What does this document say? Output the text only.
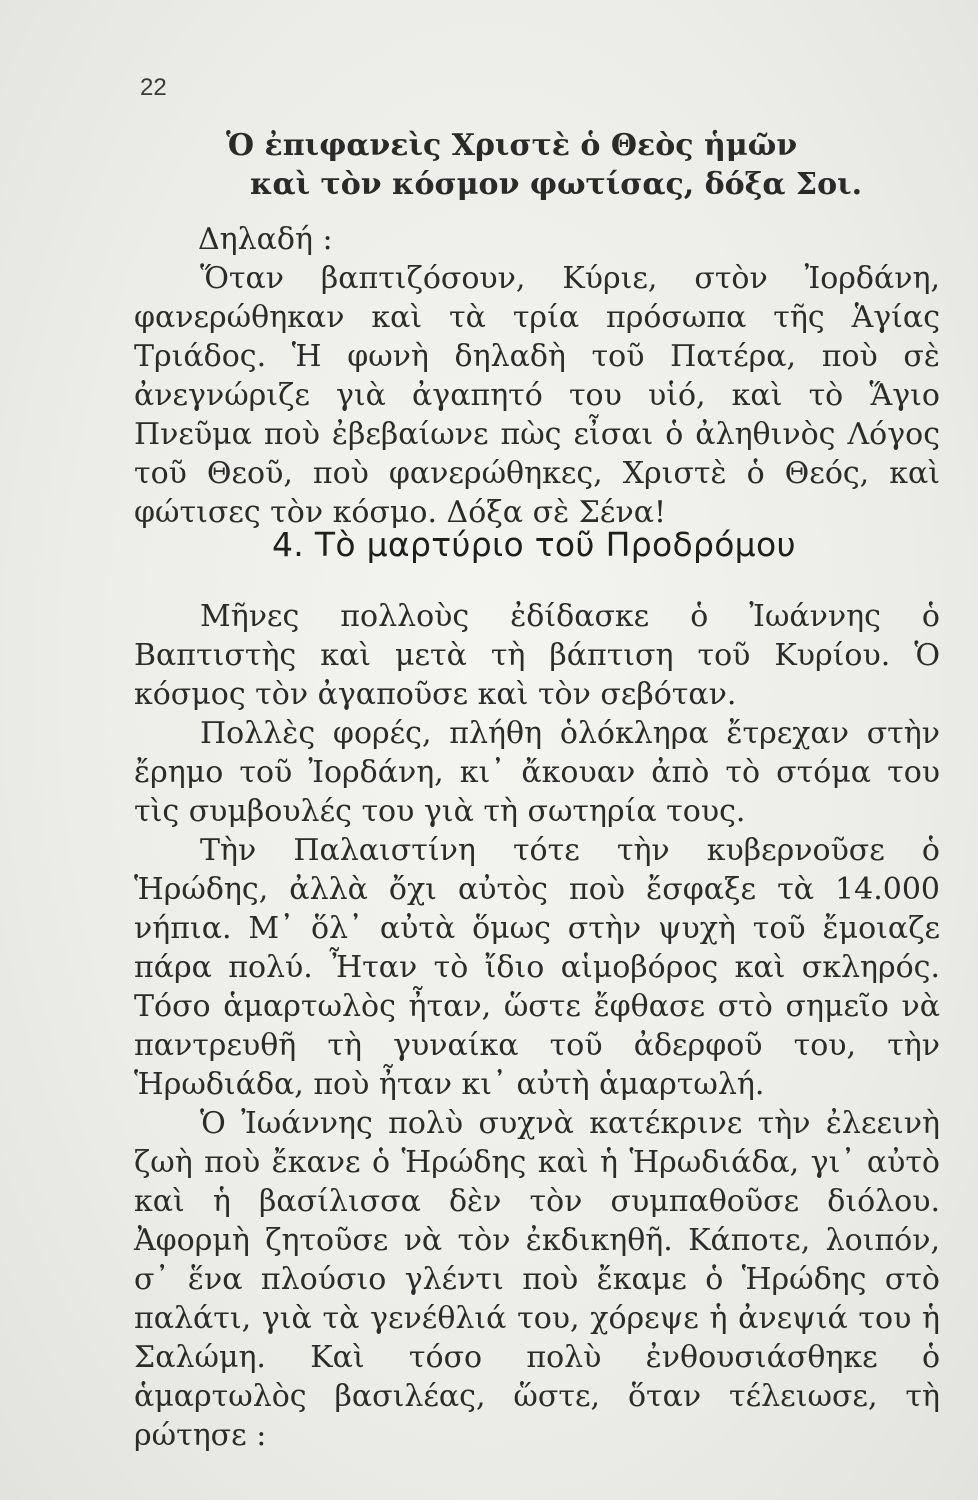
22
Ὁ ἐπιφανεὶς Χριστὲ ὁ Θεὸς ἡμῶν
καὶ τὸν κόσμον φωτίσας, δόξα Σοι.
Δηλαδή :

Ὅταν βαπτιζόσουν, Κύριε, στὸν Ἰορδάνη, φανερώθηκαν καὶ τὰ τρία πρόσωπα τῆς Ἁγίας Τριάδος. Ἡ φωνὴ δηλαδὴ τοῦ Πατέρα, ποὺ σὲ ἀνεγνώριζε γιὰ ἀγαπητό του υἱό, καὶ τὸ Ἅγιο Πνεῦμα ποὺ ἐβεβαίωνε πὼς εἶσαι ὁ ἀληθινὸς Λόγος τοῦ Θεοῦ, ποὺ φανερώθηκες, Χριστὲ ὁ Θεός, καὶ φώτισες τὸν κόσμο. Δόξα σὲ Σένα!

4. Τὸ μαρτύριο τοῦ Προδρόμου

Μῆνες πολλοὺς ἐδίδασκε ὁ Ἰωάννης ὁ Βαπτιστὴς καὶ μετὰ τὴ βάπτιση τοῦ Κυρίου. Ὁ κόσμος τὸν ἀγαποῦσε καὶ τὸν σεβόταν.

Πολλὲς φορές, πλήθη ὁλόκληρα ἔτρεχαν στὴν ἔρημο τοῦ Ἰορδάνη, κι᾿ ἄκουαν ἀπὸ τὸ στόμα του τὶς συμβουλές του γιὰ τὴ σωτηρία τους.

Τὴν Παλαιστίνη τότε τὴν κυβερνοῦσε ὁ Ἡρώδης, ἀλλὰ ὄχι αὐτὸς ποὺ ἔσφαξε τὰ 14.000 νήπια. Μ᾿ ὅλ᾿ αὐτὰ ὅμως στὴν ψυχὴ τοῦ ἔμοιαζε πάρα πολύ. Ἦταν τὸ ἴδιο αἱμοβόρος καὶ σκληρός. Τόσο ἁμαρτωλὸς ἦταν, ὥστε ἔφθασε στὸ σημεῖο νὰ παντρευθῆ τὴ γυναίκα τοῦ ἀδερφοῦ του, τὴν Ἡρωδιάδα, ποὺ ἦταν κι᾿ αὐτὴ ἁμαρτωλή.

Ὁ Ἰωάννης πολὺ συχνὰ κατέκρινε τὴν ἐλεεινὴ ζωὴ ποὺ ἔκανε ὁ Ἡρώδης καὶ ἡ Ἡρωδιάδα, γι᾿ αὐτὸ καὶ ἡ βασίλισσα δὲν τὸν συμπαθοῦσε διόλου. Ἀφορμὴ ζητοῦσε νὰ τὸν ἐκδικηθῆ. Κάποτε, λοιπόν, σ᾿ ἕνα πλούσιο γλέντι ποὺ ἔκαμε ὁ Ἡρώδης στὸ παλάτι, γιὰ τὰ γενέθλιά του, χόρεψε ἡ ἀνεψιά του ἡ Σαλώμη. Καὶ τόσο πολὺ ἐνθουσιάσθηκε ὁ ἁμαρτωλὸς βασιλέας, ὥστε, ὅταν τέλειωσε, τὴ ρώτησε :
